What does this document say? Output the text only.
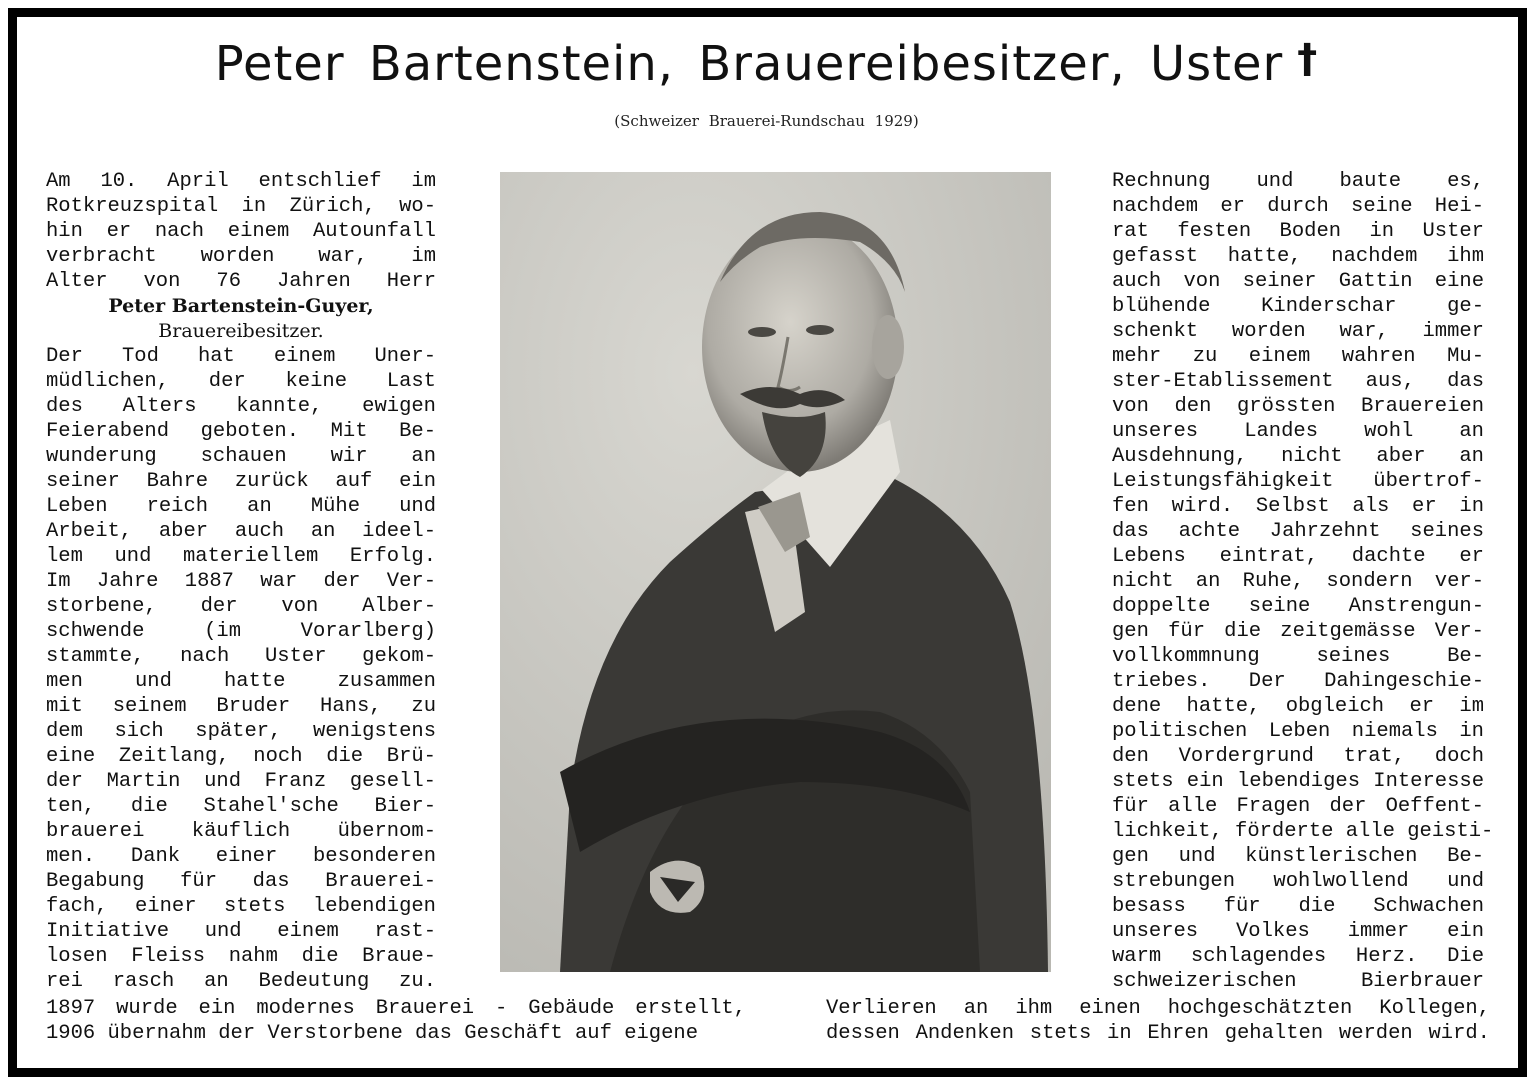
Peter Bartenstein, Brauereibesitzer, Uster †
(Schweizer Brauerei-Rundschau 1929)
Am 10. April entschlief im
Rotkreuzspital in Zürich, wo-
hin er nach einem Autounfall
verbracht worden war, im
Alter von 76 Jahren Herr
Peter Bartenstein-Guyer,
Brauereibesitzer.
Der Tod hat einem Uner-
müdlichen, der keine Last
des Alters kannte, ewigen
Feierabend geboten. Mit Be-
wunderung schauen wir an
seiner Bahre zurück auf ein
Leben reich an Mühe und
Arbeit, aber auch an ideel-
lem und materiellem Erfolg.
Im Jahre 1887 war der Ver-
storbene, der von Alber-
schwende (im Vorarlberg)
stammte, nach Uster gekom-
men und hatte zusammen
mit seinem Bruder Hans, zu
dem sich später, wenigstens
eine Zeitlang, noch die Brü-
der Martin und Franz gesell-
ten, die Stahel'sche Bier-
brauerei käuflich übernom-
men. Dank einer besonderen
Begabung für das Brauerei-
fach, einer stets lebendigen
Initiative und einem rast-
losen Fleiss nahm die Braue-
rei rasch an Bedeutung zu.
Rechnung und baute es,
nachdem er durch seine Hei-
rat festen Boden in Uster
gefasst hatte, nachdem ihm
auch von seiner Gattin eine
blühende Kinderschar ge-
schenkt worden war, immer
mehr zu einem wahren Mu-
ster-Etablissement aus, das
von den grössten Brauereien
unseres Landes wohl an
Ausdehnung, nicht aber an
Leistungsfähigkeit übertrof-
fen wird. Selbst als er in
das achte Jahrzehnt seines
Lebens eintrat, dachte er
nicht an Ruhe, sondern ver-
doppelte seine Anstrengun-
gen für die zeitgemässe Ver-
vollkommnung seines Be-
triebes. Der Dahingeschie-
dene hatte, obgleich er im
politischen Leben niemals in
den Vordergrund trat, doch
stets ein lebendiges Interesse
für alle Fragen der Oeffent-
lichkeit, förderte alle geisti-
gen und künstlerischen Be-
strebungen wohlwollend und
besass für die Schwachen
unseres Volkes immer ein
warm schlagendes Herz. Die
schweizerischen Bierbrauer
1897 wurde ein modernes Brauerei - Gebäude erstellt,
1906 übernahm der Verstorbene das Geschäft auf eigene
Verlieren an ihm einen hochgeschätzten Kollegen,
dessen Andenken stets in Ehren gehalten werden wird.
